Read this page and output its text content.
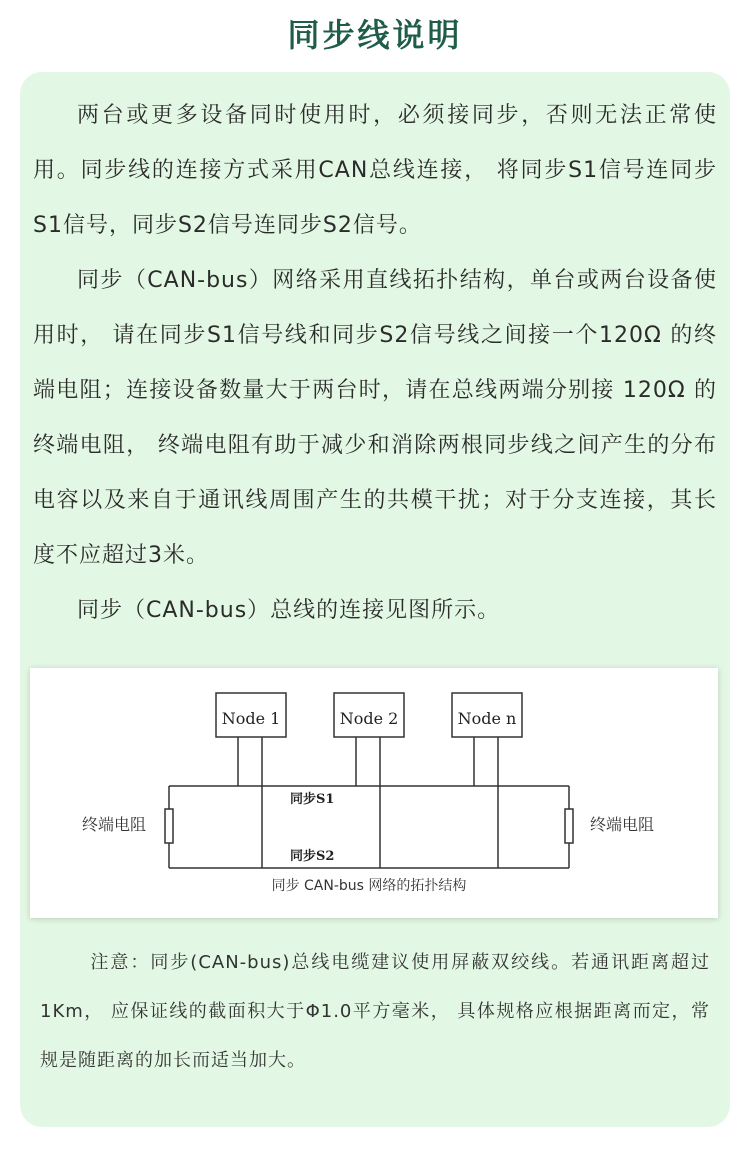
同步线说明

两台或更多设备同时使用时，必须接同步，否则无法正常使用。同步线的连接方式采用CAN总线连接， 将同步S1信号连同步S1信号，同步S2信号连同步S2信号。

同步（CAN-bus）网络采用直线拓扑结构，单台或两台设备使用时， 请在同步S1信号线和同步S2信号线之间接一个120Ω 的终端电阻；连接设备数量大于两台时，请在总线两端分别接 120Ω 的终端电阻， 终端电阻有助于减少和消除两根同步线之间产生的分布电容以及来自于通讯线周围产生的共模干扰；对于分支连接，其长度不应超过3米。

同步（CAN-bus）总线的连接见图所示。

Node 1	Node 2	Node n
同步S1
同步S2
终端电阻	终端电阻
同步 CAN-bus 网络的拓扑结构

注意：同步(CAN-bus)总线电缆建议使用屏蔽双绞线。若通讯距离超过 1Km， 应保证线的截面积大于Φ1.0平方毫米， 具体规格应根据距离而定，常规是随距离的加长而适当加大。
